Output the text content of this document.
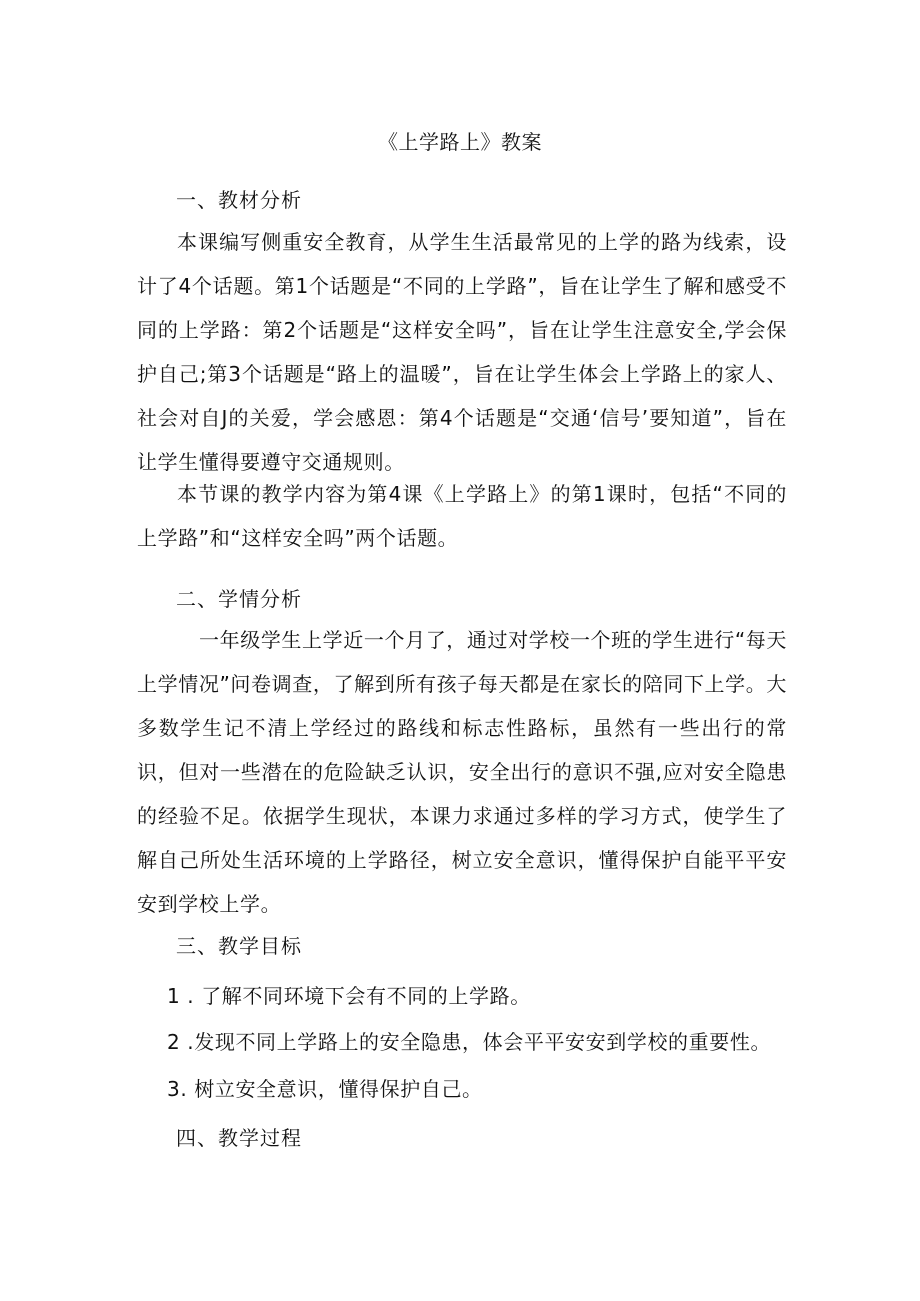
《上学路上》教案
一、教材分析
本课编写侧重安全教育，从学生生活最常见的上学的路为线索，设计了4个话题。第1个话题是“不同的上学路”，旨在让学生了解和感受不同的上学路：第2个话题是“这样安全吗”，旨在让学生注意安全,学会保护自己;第3个话题是“路上的温暖”，旨在让学生体会上学路上的家人、社会对自J的关爱，学会感恩：第4个话题是“交通‘信号’要知道”，旨在让学生懂得要遵守交通规则。
本节课的教学内容为第4课《上学路上》的第1课时，包括“不同的上学路”和“这样安全吗”两个话题。
二、学情分析
一年级学生上学近一个月了，通过对学校一个班的学生进行“每天上学情况”问卷调查，了解到所有孩子每天都是在家长的陪同下上学。大多数学生记不清上学经过的路线和标志性路标，虽然有一些出行的常识，但对一些潜在的危险缺乏认识，安全出行的意识不强,应对安全隐患的经验不足。依据学生现状，本课力求通过多样的学习方式，使学生了解自己所处生活环境的上学路径，树立安全意识，懂得保护自能平平安安到学校上学。
三、教学目标
1 . 了解不同环境下会有不同的上学路。
2 .发现不同上学路上的安全隐患，体会平平安安到学校的重要性。
3. 树立安全意识，懂得保护自己。
四、教学过程
